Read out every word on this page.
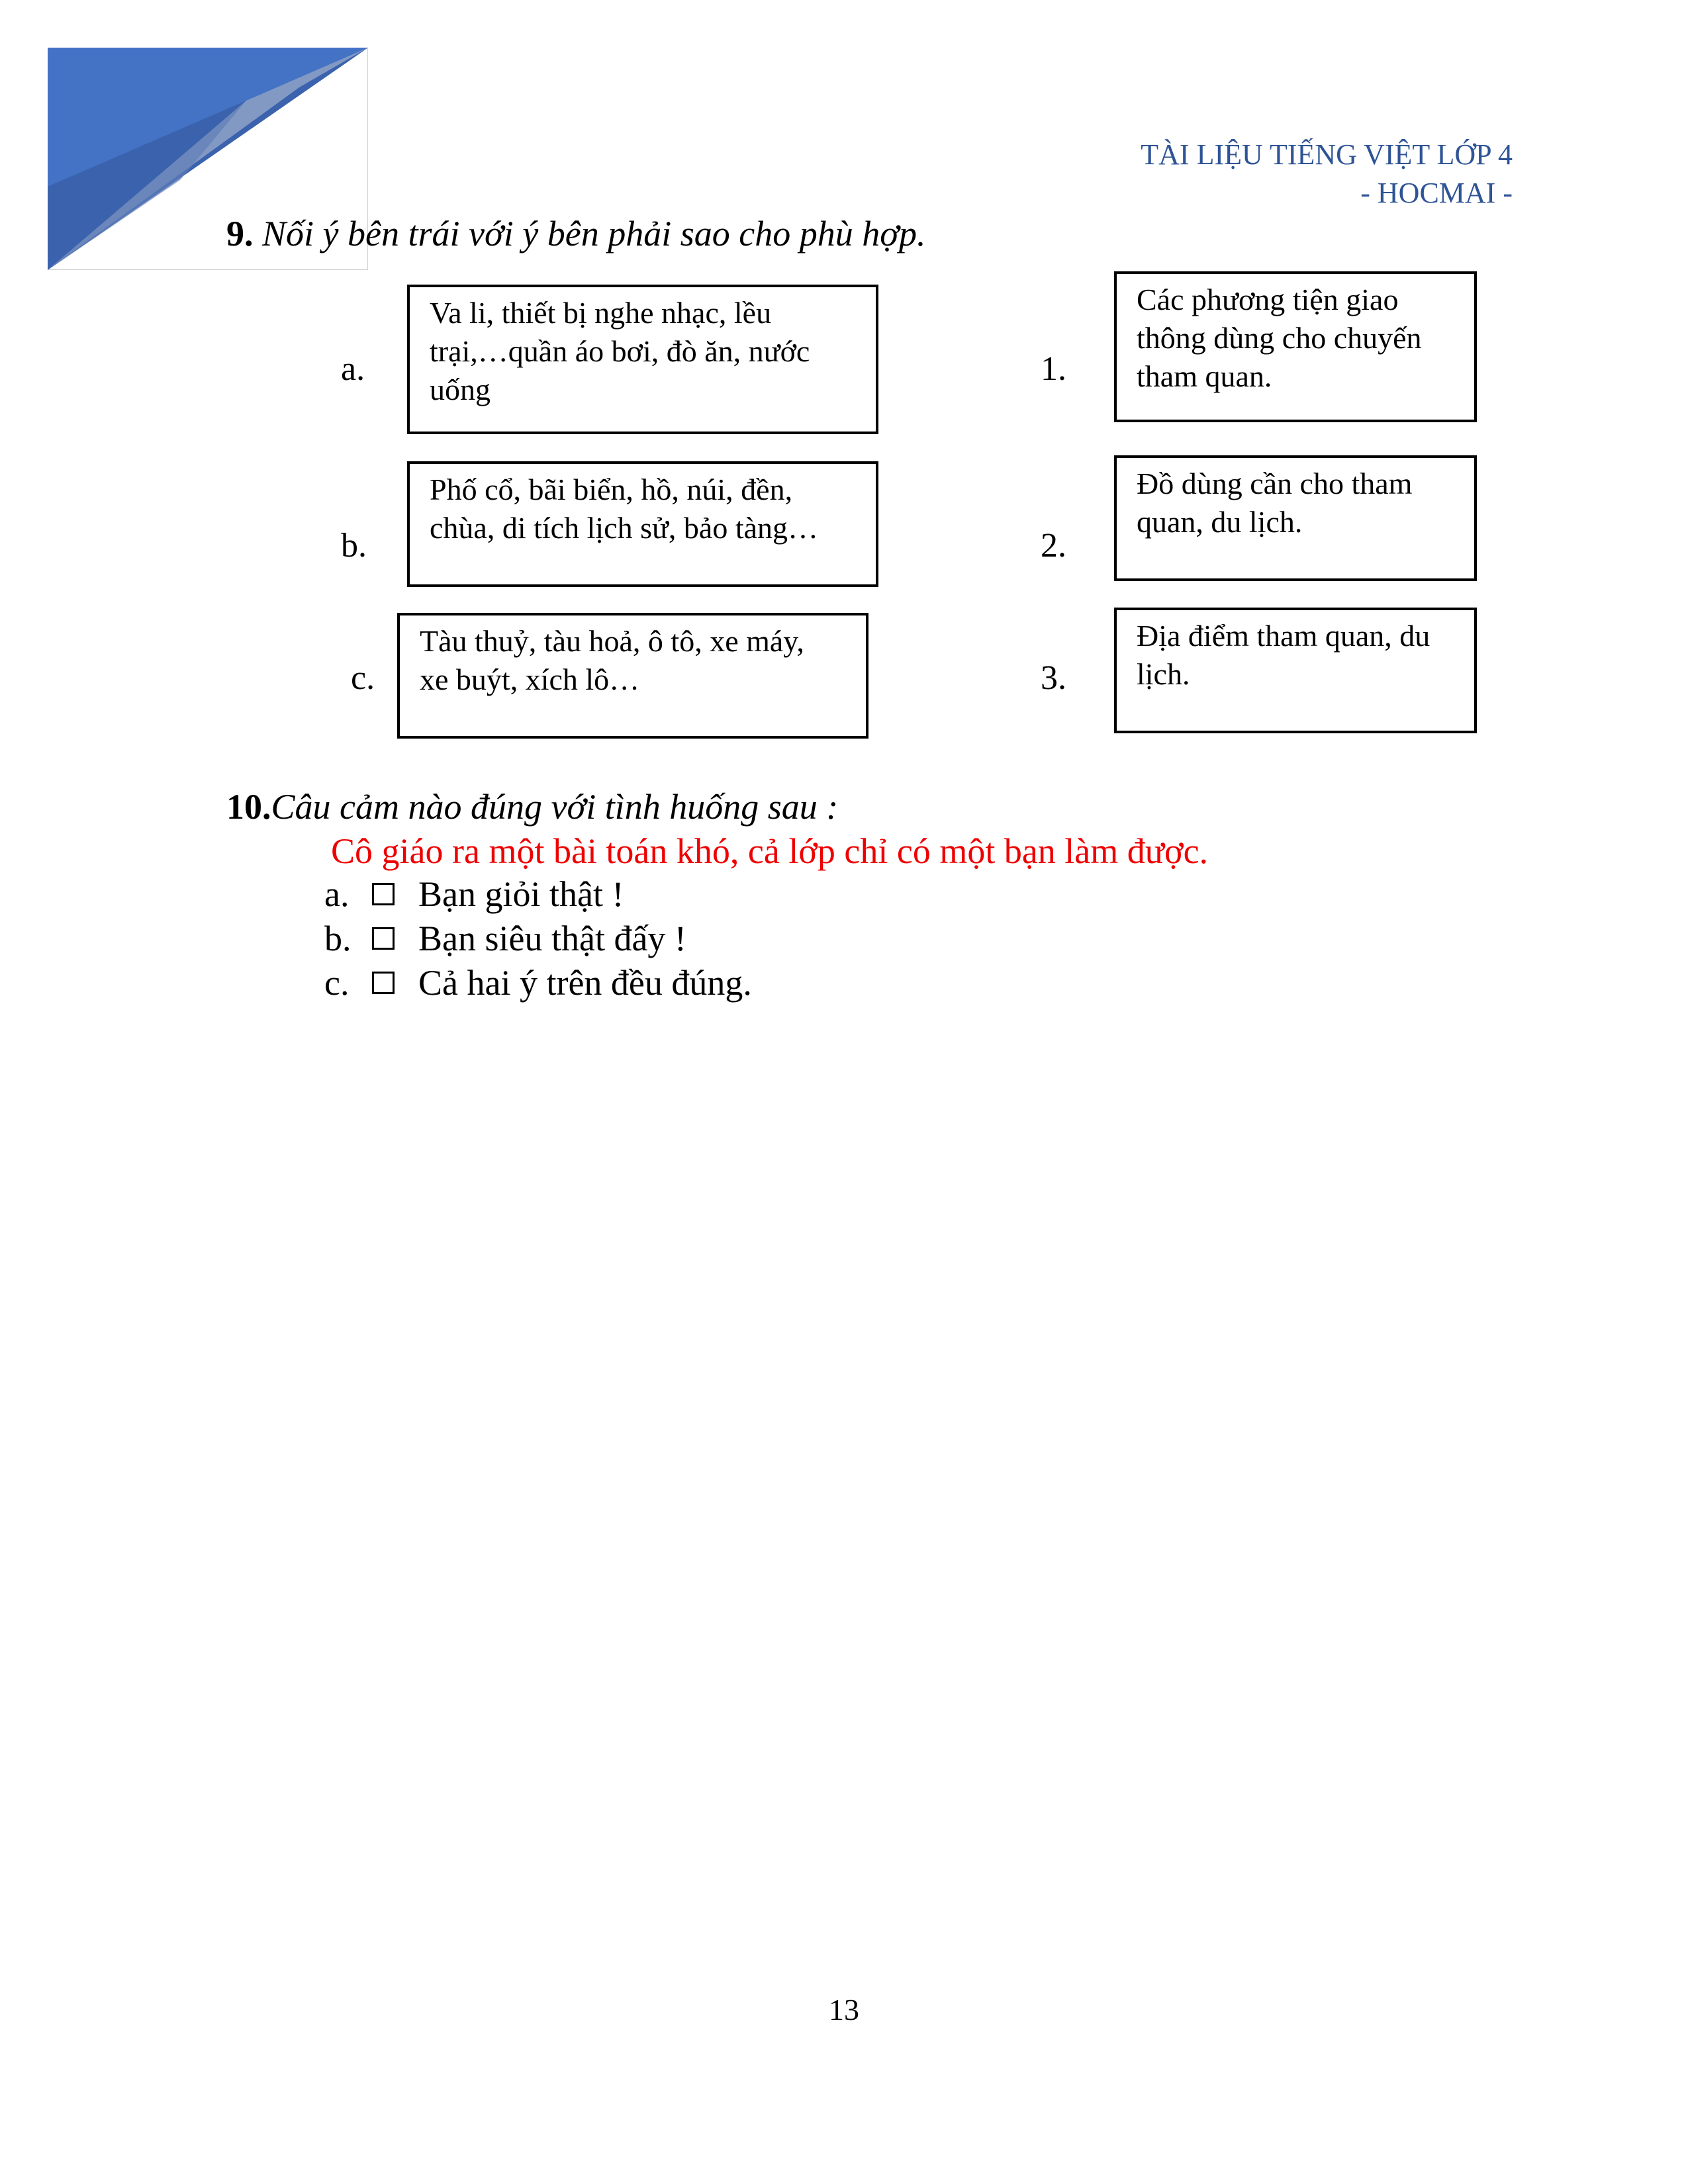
TÀI LIỆU TIẾNG VIỆT LỚP 4
- HOCMAI -
9. Nối ý bên trái với ý bên phải sao cho phù hợp.
a.
Va li, thiết bị nghe nhạc, lều
trại,…quần áo bơi, đò ăn, nước
uống
b.
Phố cổ, bãi biển, hồ, núi, đền,
chùa, di tích lịch sử, bảo tàng…
c.
Tàu thuỷ, tàu hoả, ô tô, xe máy,
xe buýt, xích lô…
1.
Các phương tiện giao
thông dùng cho chuyến
tham quan.
2.
Đồ dùng cần cho tham
quan, du lịch.
3.
Địa điểm tham quan, du
lịch.
10.Câu cảm nào đúng với tình huống sau :
Cô giáo ra một bài toán khó, cả lớp chỉ có một bạn làm được.
a.	Bạn giỏi thật !
b.	Bạn siêu thật đấy !
c.	Cả hai ý trên đều đúng.
13
